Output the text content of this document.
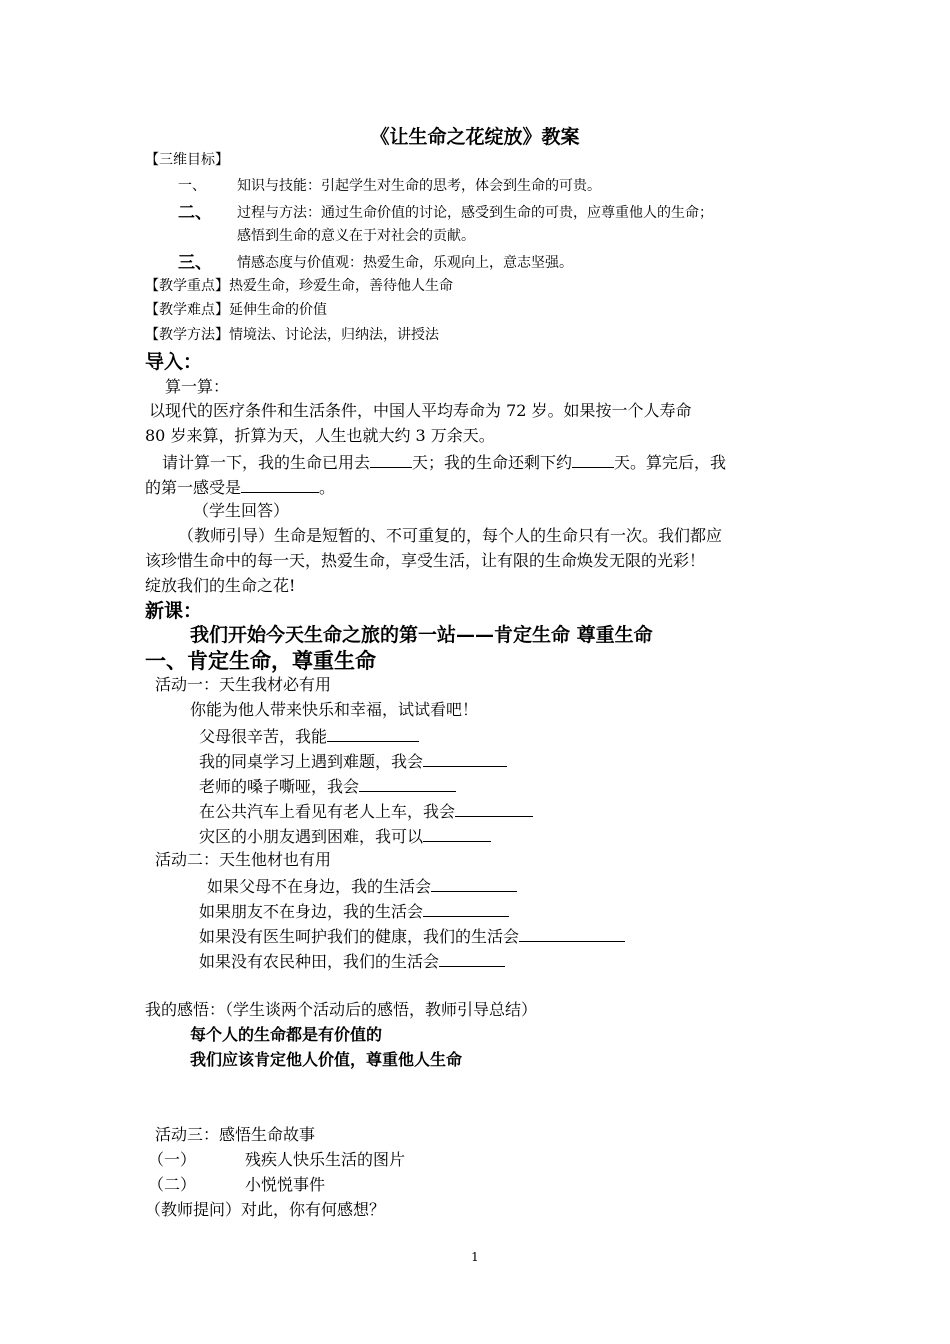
《让生命之花绽放》教案
【三维目标】
一、 知识与技能：引起学生对生命的思考，体会到生命的可贵。
二、 过程与方法：通过生命价值的讨论，感受到生命的可贵，应尊重他人的生命；
感悟到生命的意义在于对社会的贡献。
三、 情感态度与价值观：热爱生命，乐观向上，意志坚强。
【教学重点】热爱生命，珍爱生命，善待他人生命
【教学难点】延伸生命的价值
【教学方法】情境法、讨论法，归纳法，讲授法
导入：
算一算：
以现代的医疗条件和生活条件，中国人平均寿命为 72 岁。如果按一个人寿命
80 岁来算，折算为天，人生也就大约 3 万余天。
请计算一下，我的生命已用去	天；我的生命还剩下约	天。算完后，我
的第一感受是	。
（学生回答）
（教师引导）生命是短暂的、不可重复的，每个人的生命只有一次。我们都应
该珍惜生命中的每一天，热爱生命，享受生活，让有限的生命焕发无限的光彩！
绽放我们的生命之花!
新课：
我们开始今天生命之旅的第一站——肯定生命 尊重生命
一、肯定生命，尊重生命
活动一：天生我材必有用
你能为他人带来快乐和幸福，试试看吧！
父母很辛苦，我能
我的同桌学习上遇到难题，我会
老师的嗓子嘶哑，我会
在公共汽车上看见有老人上车，我会
灾区的小朋友遇到困难，我可以
活动二：天生他材也有用
如果父母不在身边，我的生活会
如果朋友不在身边，我的生活会
如果没有医生呵护我们的健康，我们的生活会
如果没有农民种田，我们的生活会
我的感悟：（学生谈两个活动后的感悟，教师引导总结）
每个人的生命都是有价值的
我们应该肯定他人价值，尊重他人生命
活动三：感悟生命故事
（一）	残疾人快乐生活的图片
（二）	小悦悦事件
（教师提问）对此，你有何感想？
1
